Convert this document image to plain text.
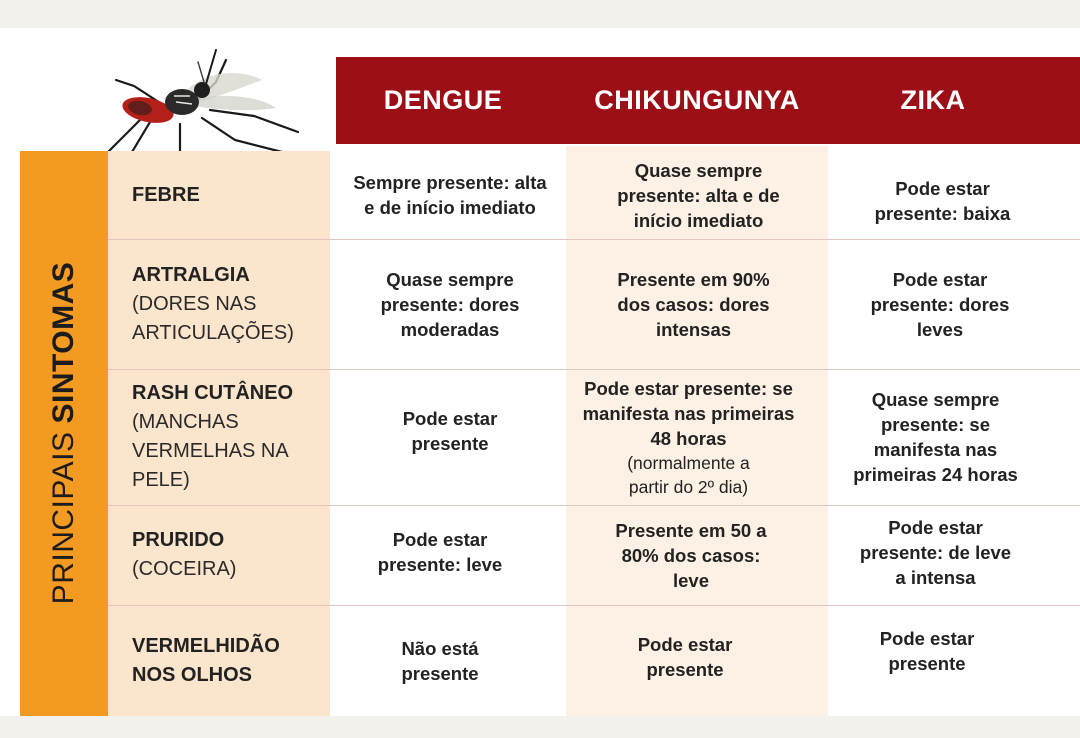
DENGUE	CHIKUNGUNYA	ZIKA
PRINCIPAIS
SINTOMAS
FEBRE
Sempre presente: alta e de início imediato
Quase sempre presente: alta e de início imediato
Pode estar presente: baixa
ARTRALGIA
(DORES NAS ARTICULAÇÕES)
Quase sempre presente: dores moderadas
Presente em 90% dos casos: dores intensas
Pode estar presente: dores leves
RASH CUTÂNEO
(MANCHAS VERMELHAS NA PELE)
Pode estar presente
Pode estar presente: se manifesta nas primeiras 48 horas
(normalmente a partir do 2º dia)
Quase sempre presente: se manifesta nas primeiras 24 horas
PRURIDO
(COCEIRA)
Pode estar presente: leve
Presente em 50 a 80% dos casos: leve
Pode estar presente: de leve a intensa
VERMELHIDÃO NOS OLHOS
Não está presente
Pode estar presente
Pode estar presente
